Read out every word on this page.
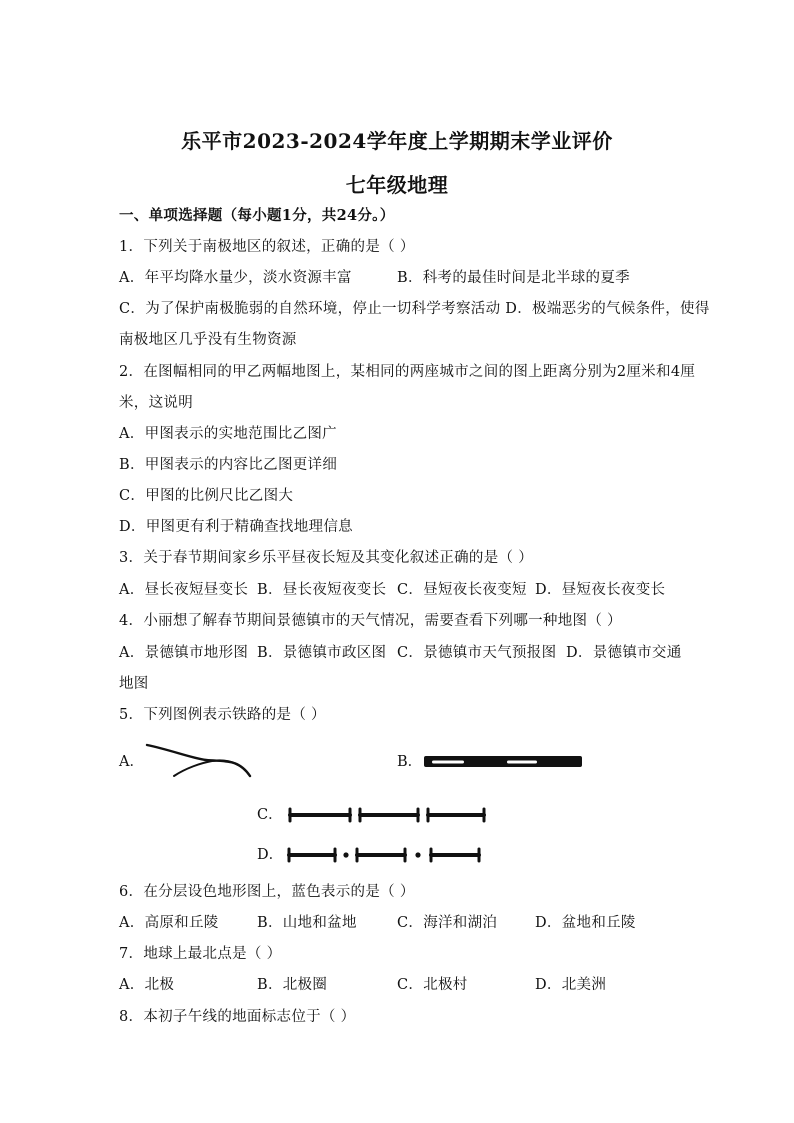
乐平市2023-2024学年度上学期期末学业评价
七年级地理
一、单项选择题（每小题1分，共24分。）
1．下列关于南极地区的叙述，正确的是（ ）
A．年平均降水量少，淡水资源丰富	B．科考的最佳时间是北半球的夏季
C．为了保护南极脆弱的自然环境，停止一切科学考察活动 D．极端恶劣的气候条件，使得
南极地区几乎没有生物资源
2．在图幅相同的甲乙两幅地图上，某相同的两座城市之间的图上距离分别为2厘米和4厘
米，这说明
A．甲图表示的实地范围比乙图广
B．甲图表示的内容比乙图更详细
C．甲图的比例尺比乙图大
D．甲图更有利于精确查找地理信息
3．关于春节期间家乡乐平昼夜长短及其变化叙述正确的是（ ）
A．昼长夜短昼变长 B．昼长夜短夜变长 C．昼短夜长夜变短 D．昼短夜长夜变长
4．小丽想了解春节期间景德镇市的天气情况，需要查看下列哪一种地图（ ）
A．景德镇市地形图 B．景德镇市政区图 C．景德镇市天气预报图 D．景德镇市交通
地图
5．下列图例表示铁路的是（ ）
A．	B．
C．
D．
6．在分层设色地形图上，蓝色表示的是（ ）
A．高原和丘陵	B．山地和盆地	C．海洋和湖泊	D．盆地和丘陵
7．地球上最北点是（ ）
A．北极	B．北极圈	C．北极村	D．北美洲
8．本初子午线的地面标志位于（ ）
